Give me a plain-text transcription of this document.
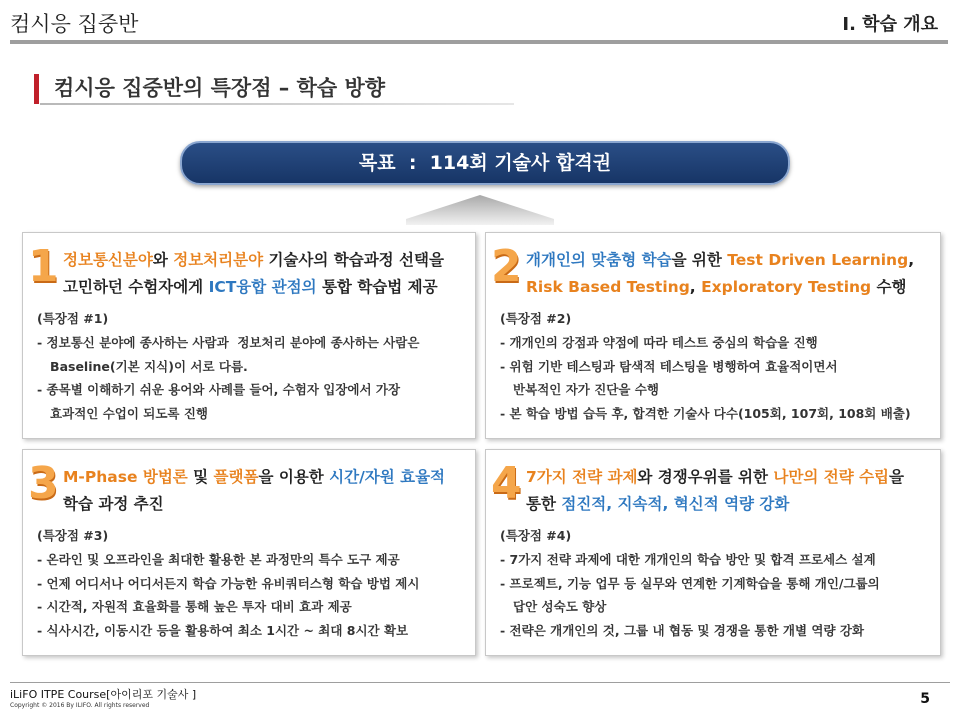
컴시응 집중반	I. 학습 개요
컴시응 집중반의 특장점 – 학습 방향
목표  :  114회 기술사 합격권
1 정보통신분야와 정보처리분야 기술사의 학습과정 선택을
고민하던 수험자에게 ICT융합 관점의 통합 학습법 제공
(특장점 #1)
- 정보통신 분야에 종사하는 사람과  정보처리 분야에 종사하는 사람은
Baseline(기본 지식)이 서로 다름.
- 종목별 이해하기 쉬운 용어와 사례를 들어, 수험자 입장에서 가장
효과적인 수업이 되도록 진행
2 개개인의 맞춤형 학습을 위한 Test Driven Learning,
Risk Based Testing, Exploratory Testing 수행
(특장점 #2)
- 개개인의 강점과 약점에 따라 테스트 중심의 학습을 진행
- 위험 기반 테스팅과 탐색적 테스팅을 병행하여 효율적이면서
반복적인 자가 진단을 수행
- 본 학습 방법 습득 후, 합격한 기술사 다수(105회, 107회, 108회 배출)
3 M-Phase 방법론 및 플랫폼을 이용한 시간/자원 효율적
학습 과정 추진
(특장점 #3)
- 온라인 및 오프라인을 최대한 활용한 본 과정만의 특수 도구 제공
- 언제 어디서나 어디서든지 학습 가능한 유비쿼터스형 학습 방법 제시
- 시간적, 자원적 효율화를 통해 높은 투자 대비 효과 제공
- 식사시간, 이동시간 등을 활용하여 최소 1시간 ~ 최대 8시간 확보
4 7가지 전략 과제와 경쟁우위를 위한 나만의 전략 수립을
통한 점진적, 지속적, 혁신적 역량 강화
(특장점 #4)
- 7가지 전략 과제에 대한 개개인의 학습 방안 및 합격 프로세스 설계
- 프로젝트, 기능 업무 등 실무와 연계한 기계학습을 통해 개인/그룹의
답안 성숙도 향상
- 전략은 개개인의 것, 그룹 내 협동 및 경쟁을 통한 개별 역량 강화
iLiFO ITPE Course[아이리포 기술사 ]
Copyright © 2016 By ILIFO. All rights reserved	5
